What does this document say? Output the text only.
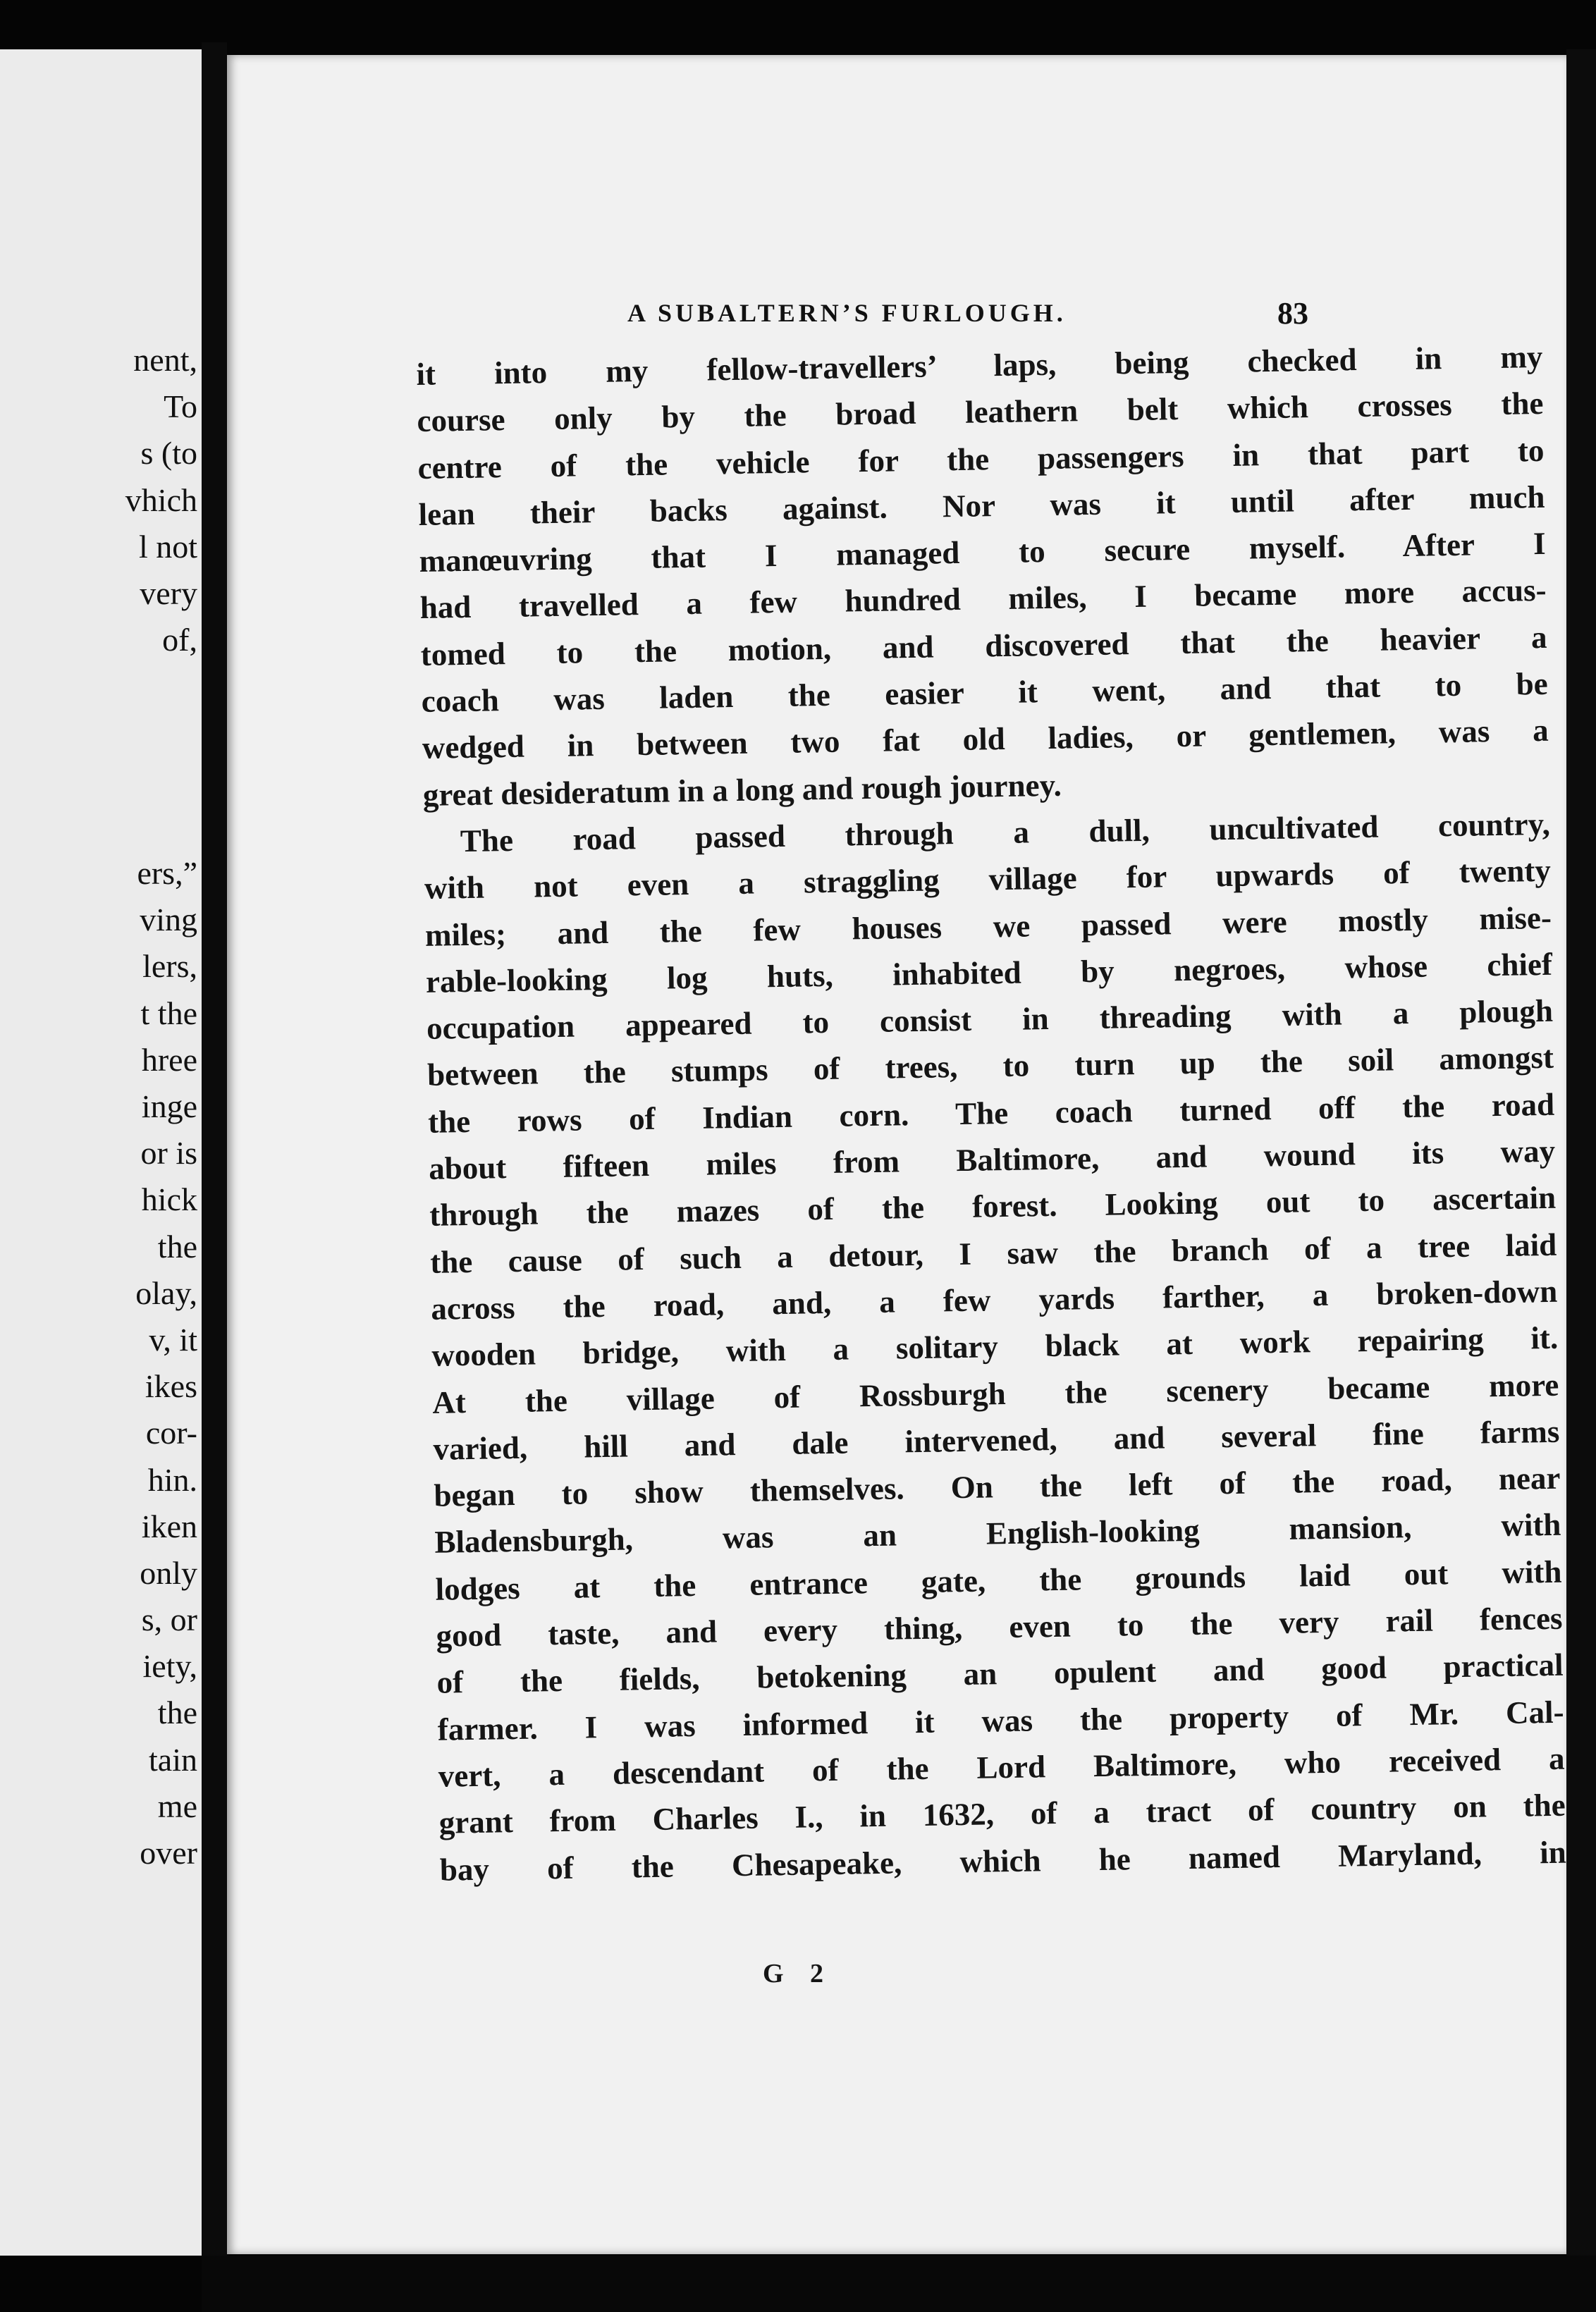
nent,
To
s (to
vhich
l not
very
of,
ers,”
ving
lers,
t the
hree
inge
or is
hick
the
olay,
v, it
ikes
cor-
hin.
iken
only
s, or
iety,
the
tain
me
over
A SUBALTERN’S FURLOUGH.	83
it into my fellow-travellers’ laps, being checked in my
course only by the broad leathern belt which crosses the
centre of the vehicle for the passengers in that part to
lean their backs against. Nor was it until after much
manœuvring that I managed to secure myself. After I
had travelled a few hundred miles, I became more accus-
tomed to the motion, and discovered that the heavier a
coach was laden the easier it went, and that to be
wedged in between two fat old ladies, or gentlemen, was a
great desideratum in a long and rough journey.
The road passed through a dull, uncultivated country,
with not even a straggling village for upwards of twenty
miles; and the few houses we passed were mostly mise-
rable-looking log huts, inhabited by negroes, whose chief
occupation appeared to consist in threading with a plough
between the stumps of trees, to turn up the soil amongst
the rows of Indian corn. The coach turned off the road
about fifteen miles from Baltimore, and wound its way
through the mazes of the forest. Looking out to ascertain
the cause of such a detour, I saw the branch of a tree laid
across the road, and, a few yards farther, a broken-down
wooden bridge, with a solitary black at work repairing it.
At the village of Rossburgh the scenery became more
varied, hill and dale intervened, and several fine farms
began to show themselves. On the left of the road, near
Bladensburgh, was an English-looking mansion, with
lodges at the entrance gate, the grounds laid out with
good taste, and every thing, even to the very rail fences
of the fields, betokening an opulent and good practical
farmer. I was informed it was the property of Mr. Cal-
vert, a descendant of the Lord Baltimore, who received a
grant from Charles I., in 1632, of a tract of country on the
bay of the Chesapeake, which he named Maryland, in
G 2
